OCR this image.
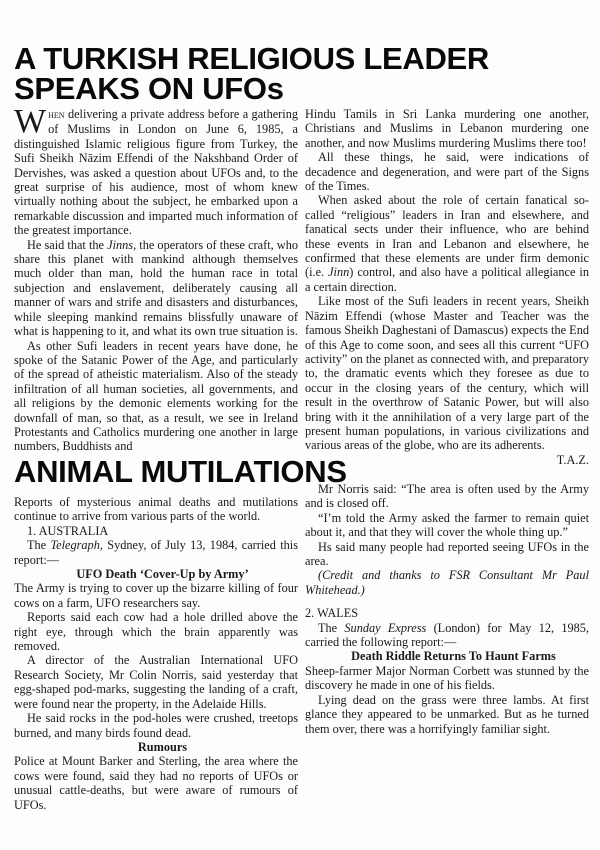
A TURKISH RELIGIOUS LEADER SPEAKS ON UFOs

When delivering a private address before a gathering of Muslims in London on June 6, 1985, a distinguished Islamic religious figure from Turkey, the Sufi Sheikh Nāzim Effendi of the Nakshband Order of Dervishes, was asked a question about UFOs and, to the great surprise of his audience, most of whom knew virtually nothing about the subject, he embarked upon a remarkable discussion and imparted much information of the greatest importance.

He said that the Jinns, the operators of these craft, who share this planet with mankind although themselves much older than man, hold the human race in total subjection and enslavement, deliberately causing all manner of wars and strife and disasters and disturbances, while sleeping mankind remains blissfully unaware of what is happening to it, and what its own true situation is.

As other Sufi leaders in recent years have done, he spoke of the Satanic Power of the Age, and particularly of the spread of atheistic materialism. Also of the steady infiltration of all human societies, all governments, and all religions by the demonic elements working for the downfall of man, so that, as a result, we see in Ireland Protestants and Catholics murdering one another in large numbers, Buddhists and

Hindu Tamils in Sri Lanka murdering one another, Christians and Muslims in Lebanon murdering one another, and now Muslims murdering Muslims there too!

All these things, he said, were indications of decadence and degeneration, and were part of the Signs of the Times.

When asked about the role of certain fanatical so-called “religious” leaders in Iran and elsewhere, and fanatical sects under their influence, who are behind these events in Iran and Lebanon and elsewhere, he confirmed that these elements are under firm demonic (i.e. Jinn) control, and also have a political allegiance in a certain direction.

Like most of the Sufi leaders in recent years, Sheikh Nāzim Effendi (whose Master and Teacher was the famous Sheikh Daghestani of Damascus) expects the End of this Age to come soon, and sees all this current “UFO activity” on the planet as connected with, and preparatory to, the dramatic events which they foresee as due to occur in the closing years of the century, which will result in the overthrow of Satanic Power, but will also bring with it the annihilation of a very large part of the present human populations, in various civilizations and various areas of the globe, who are its adherents.
T.A.Z.

ANIMAL MUTILATIONS

Reports of mysterious animal deaths and mutilations continue to arrive from various parts of the world.

1. AUSTRALIA

The Telegraph, Sydney, of July 13, 1984, carried this report:—

UFO Death ‘Cover-Up by Army’

The Army is trying to cover up the bizarre killing of four cows on a farm, UFO researchers say.

Reports said each cow had a hole drilled above the right eye, through which the brain apparently was removed.

A director of the Australian International UFO Research Society, Mr Colin Norris, said yesterday that egg-shaped pod-marks, suggesting the landing of a craft, were found near the property, in the Adelaide Hills.

He said rocks in the pod-holes were crushed, treetops burned, and many birds found dead.

Rumours

Police at Mount Barker and Sterling, the area where the cows were found, said they had no reports of UFOs or unusual cattle-deaths, but were aware of rumours of UFOs.

Mr Norris said: “The area is often used by the Army and is closed off.

“I’m told the Army asked the farmer to remain quiet about it, and that they will cover the whole thing up.”

Hs said many people had reported seeing UFOs in the area.

(Credit and thanks to FSR Consultant Mr Paul Whitehead.)

2. WALES

The Sunday Express (London) for May 12, 1985, carried the following report:—

Death Riddle Returns To Haunt Farms

Sheep-farmer Major Norman Corbett was stunned by the discovery he made in one of his fields.

Lying dead on the grass were three lambs. At first glance they appeared to be unmarked. But as he turned them over, there was a horrifyingly familiar sight.
